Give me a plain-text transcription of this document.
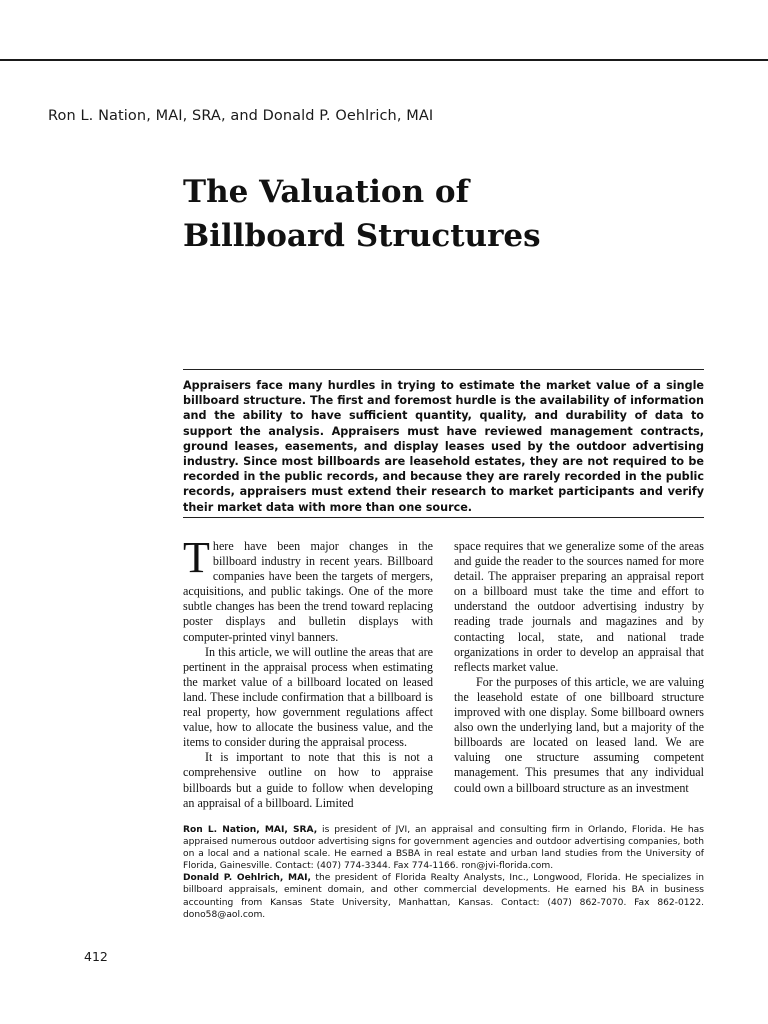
Ron L. Nation, MAI, SRA, and Donald P. Oehlrich, MAI
The Valuation of
Billboard Structures
Appraisers face many hurdles in trying to estimate the market value of a single billboard structure. The first and foremost hurdle is the availability of information and the ability to have sufficient quantity, quality, and durability of data to support the analysis. Appraisers must have reviewed management contracts, ground leases, easements, and display leases used by the outdoor advertising industry. Since most billboards are leasehold estates, they are not required to be recorded in the public records, and because they are rarely recorded in the public records, appraisers must extend their research to market participants and verify their market data with more than one source.

There have been major changes in the billboard industry in recent years. Billboard companies have been the targets of mergers, acquisitions, and public takings. One of the more subtle changes has been the trend toward replacing poster displays and bulletin displays with computer-printed vinyl banners.

In this article, we will outline the areas that are pertinent in the appraisal process when estimating the market value of a billboard located on leased land. These include confirmation that a billboard is real property, how government regulations affect value, how to allocate the business value, and the items to consider during the appraisal process.

It is important to note that this is not a comprehensive outline on how to appraise billboards but a guide to follow when developing an appraisal of a billboard. Limited

space requires that we generalize some of the areas and guide the reader to the sources named for more detail. The appraiser preparing an appraisal report on a billboard must take the time and effort to understand the outdoor advertising industry by reading trade journals and magazines and by contacting local, state, and national trade organizations in order to develop an appraisal that reflects market value.

For the purposes of this article, we are valuing the leasehold estate of one billboard structure improved with one display. Some billboard owners also own the underlying land, but a majority of the billboards are located on leased land. We are valuing one structure assuming competent management. This presumes that any individual could own a billboard structure as an investment

Ron L. Nation, MAI, SRA, is president of JVI, an appraisal and consulting firm in Orlando, Florida. He has appraised numerous outdoor advertising signs for government agencies and outdoor advertising companies, both on a local and a national scale. He earned a BSBA in real estate and urban land studies from the University of Florida, Gainesville. Contact: (407) 774-3344. Fax 774-1166. ron@jvi-florida.com.

Donald P. Oehlrich, MAI, the president of Florida Realty Analysts, Inc., Longwood, Florida. He specializes in billboard appraisals, eminent domain, and other commercial developments. He earned his BA in business accounting from Kansas State University, Manhattan, Kansas. Contact: (407) 862-7070. Fax 862-0122. dono58@aol.com.

412
